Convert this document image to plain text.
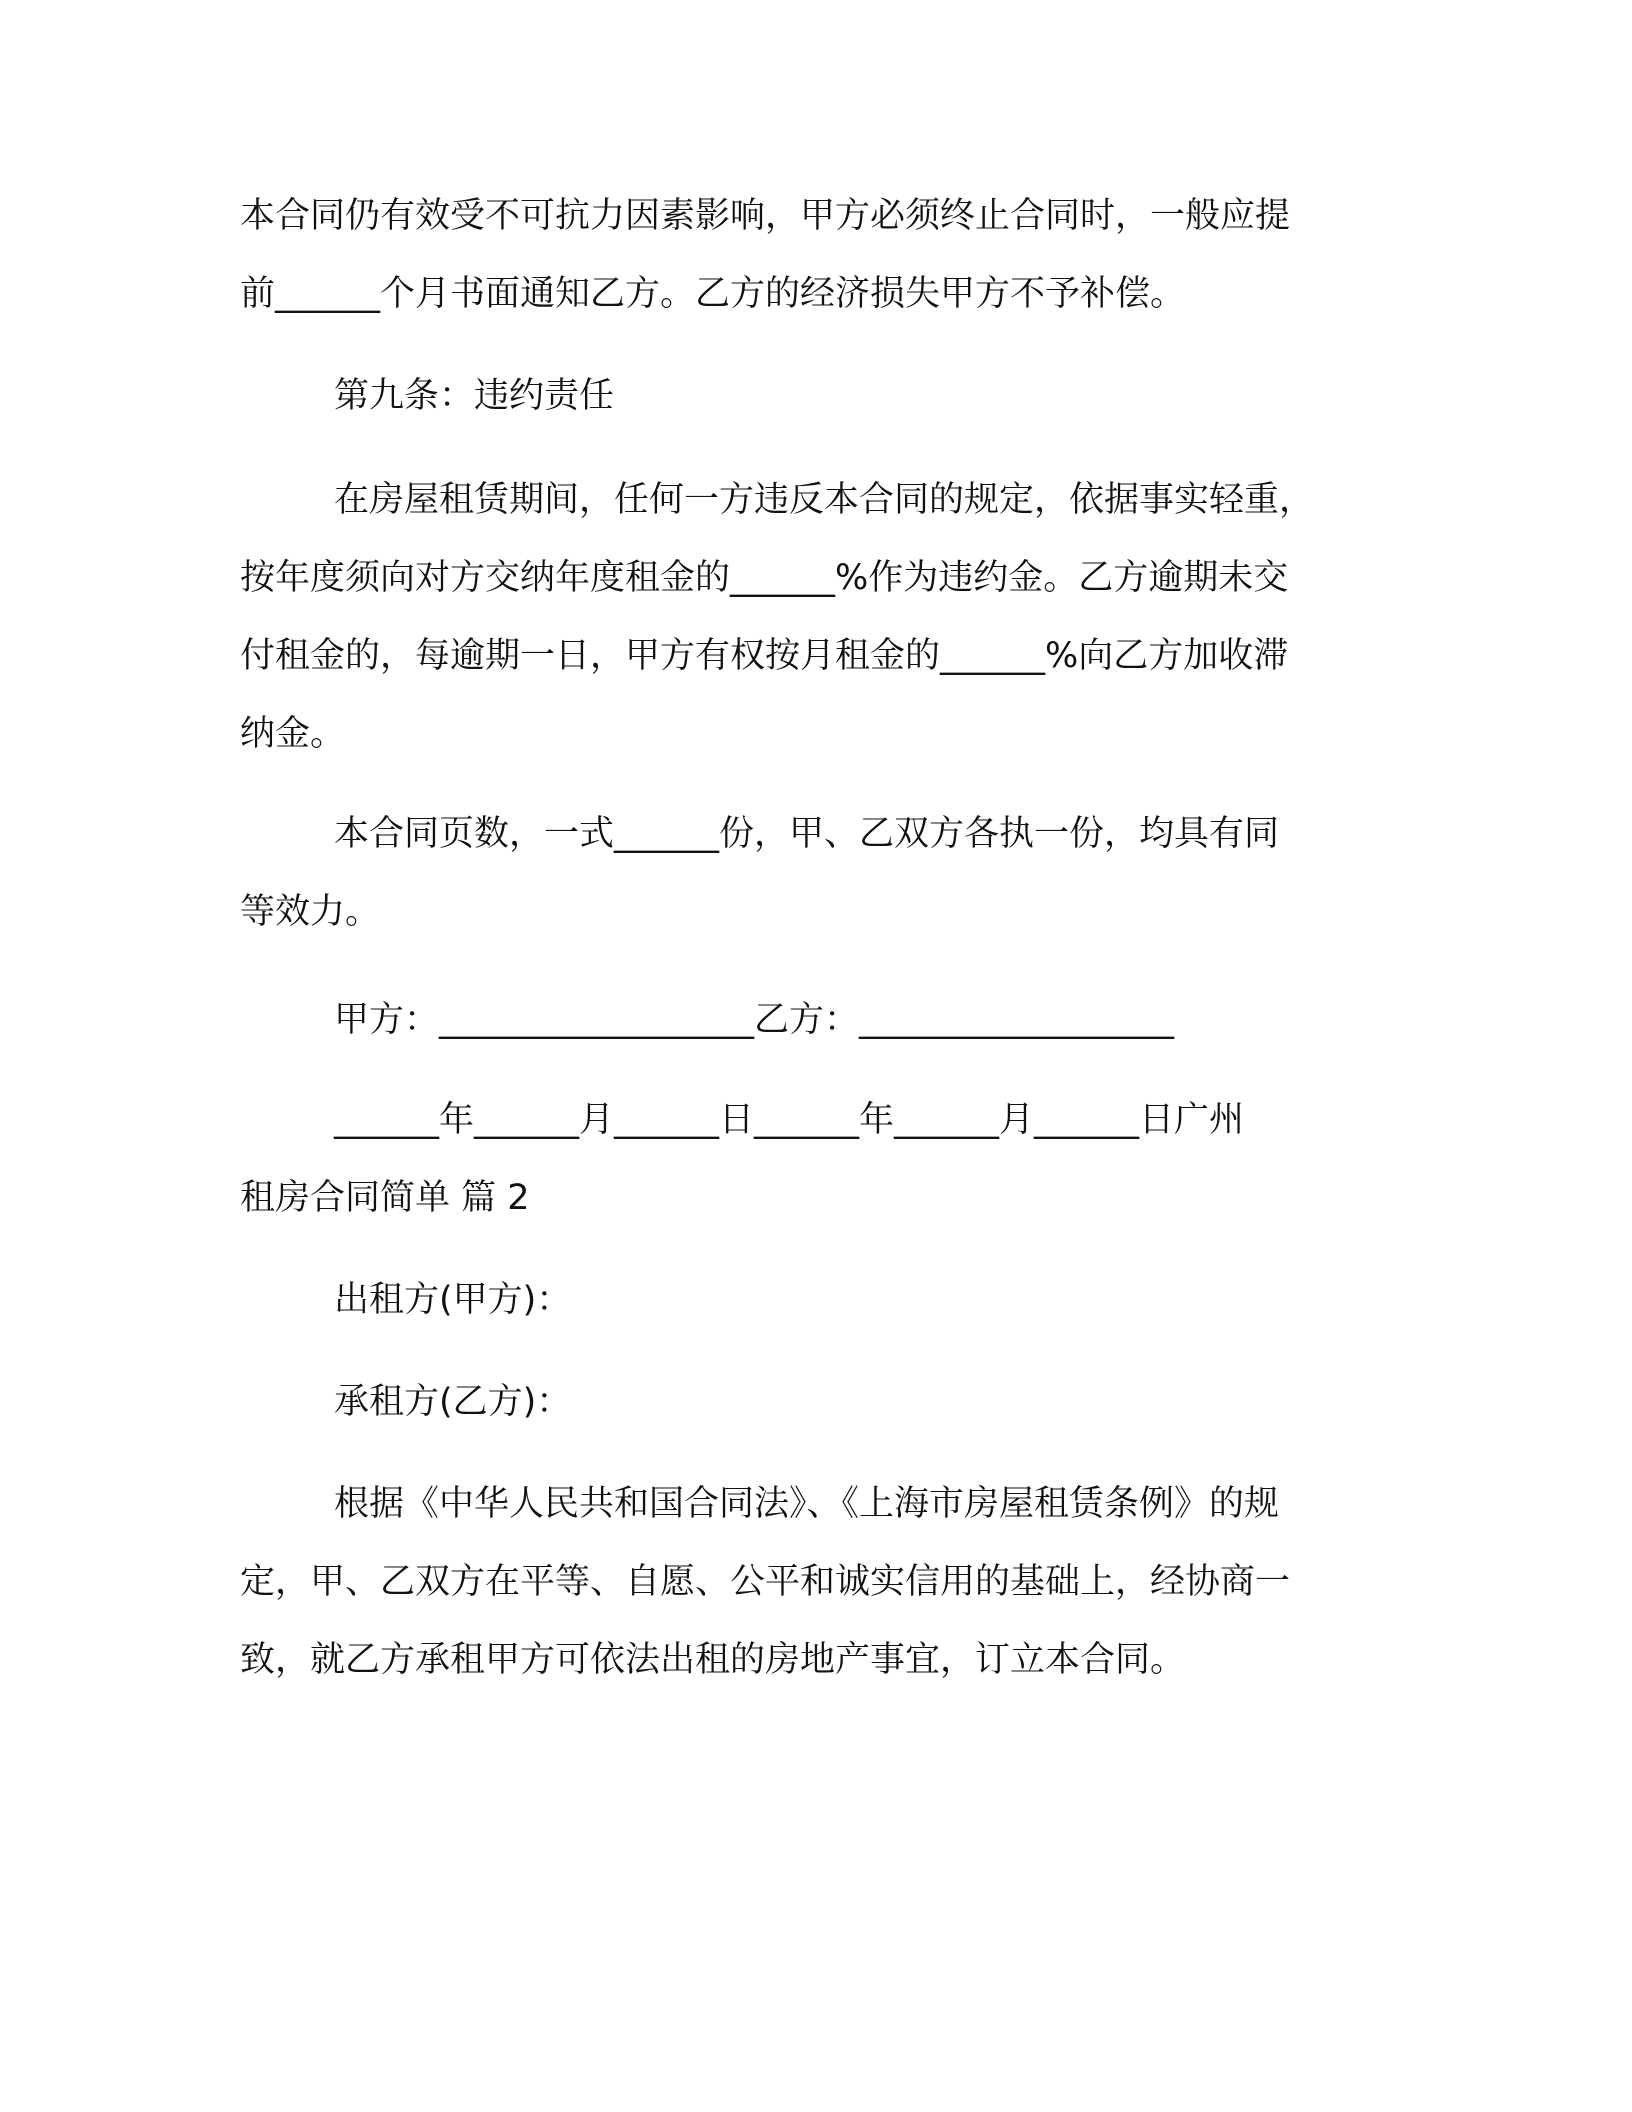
本合同仍有效受不可抗力因素影响，甲方必须终止合同时，一般应提
前______个月书面通知乙方。乙方的经济损失甲方不予补偿。
第九条：违约责任
在房屋租赁期间，任何一方违反本合同的规定，依据事实轻重，
按年度须向对方交纳年度租金的______%作为违约金。乙方逾期未交
付租金的，每逾期一日，甲方有权按月租金的______%向乙方加收滞
纳金。
本合同页数，一式______份，甲、乙双方各执一份，均具有同
等效力。
甲方：__________________乙方：__________________
______年______月______日______年______月______日广州
租房合同简单 篇 2
出租方(甲方)：
承租方(乙方)：
根据《中华人民共和国合同法》、《上海市房屋租赁条例》的规
定，甲、乙双方在平等、自愿、公平和诚实信用的基础上，经协商一
致，就乙方承租甲方可依法出租的房地产事宜，订立本合同。
